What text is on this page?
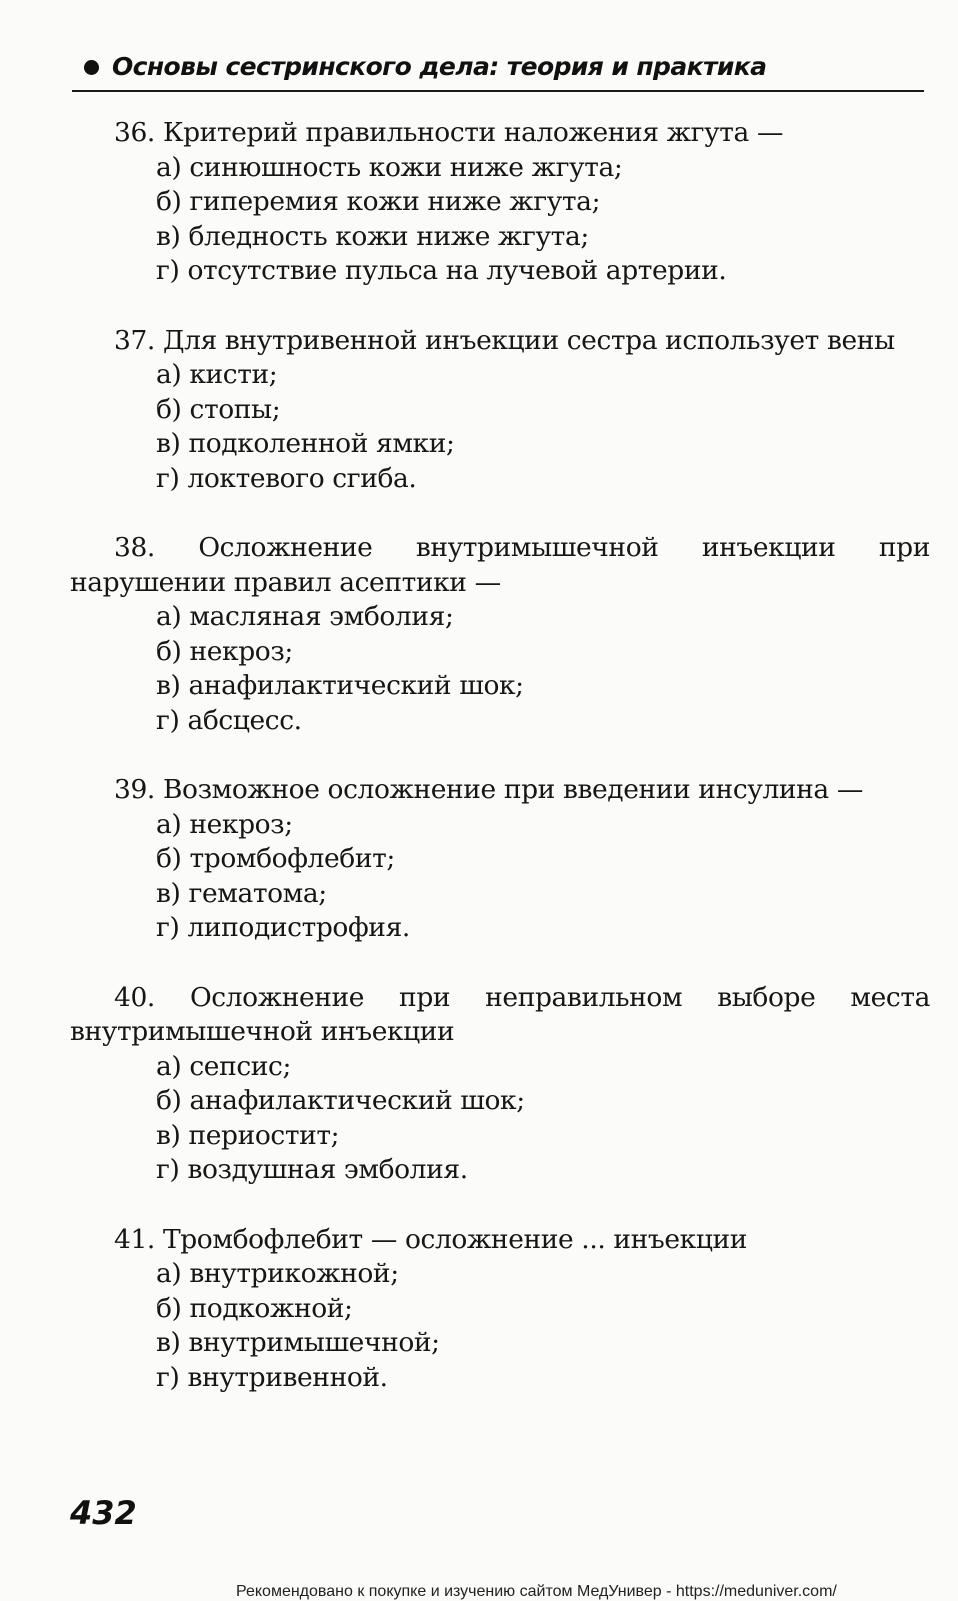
Основы сестринского дела: теория и практика
36. Критерий правильности наложения жгута —
а) синюшность кожи ниже жгута;
б) гиперемия кожи ниже жгута;
в) бледность кожи ниже жгута;
г) отсутствие пульса на лучевой артерии.
37. Для внутривенной инъекции сестра использует вены
а) кисти;
б) стопы;
в) подколенной ямки;
г) локтевого сгиба.
38. Осложнение внутримышечной инъекции при нарушении правил асептики —
а) масляная эмболия;
б) некроз;
в) анафилактический шок;
г) абсцесс.
39. Возможное осложнение при введении инсулина —
а) некроз;
б) тромбофлебит;
в) гематома;
г) липодистрофия.
40. Осложнение при неправильном выборе места внутримышечной инъекции
а) сепсис;
б) анафилактический шок;
в) периостит;
г) воздушная эмболия.
41. Тромбофлебит — осложнение ... инъекции
а) внутрикожной;
б) подкожной;
в) внутримышечной;
г) внутривенной.
432
Рекомендовано к покупке и изучению сайтом МедУнивер - https://meduniver.com/
